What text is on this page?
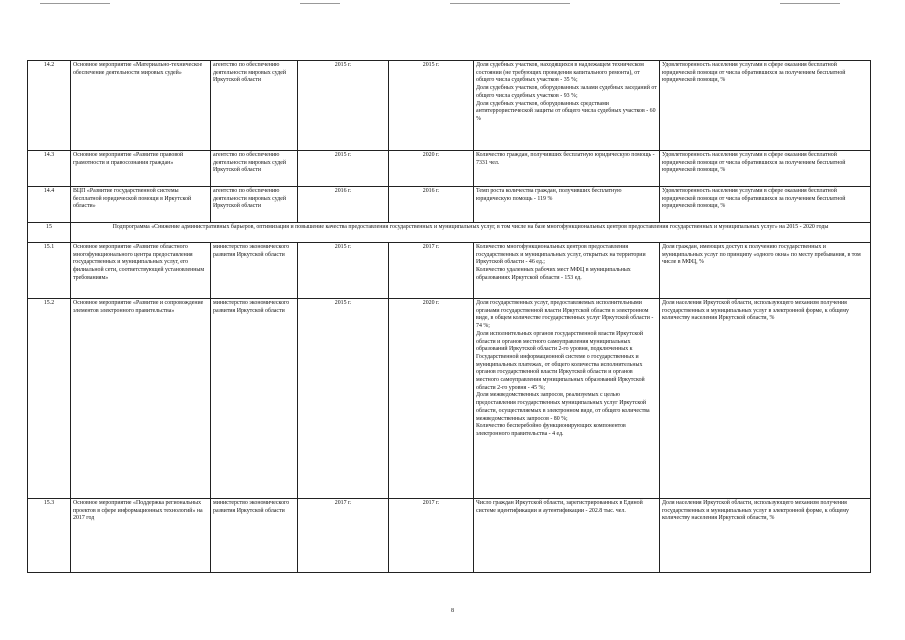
14.2	Основное мероприятие «Материально-техническое обеспечение деятельности мировых судей»	агентство по обеспечению деятельности мировых судей Иркутской области	2015 г.	2015 г.	Доля судебных участков, находящихся в надлежащем техническом состоянии (не требующих проведения капитального ремонта), от общего числа судебных участков - 35 %;
Доля судебных участков, оборудованных залами судебных заседаний от общего числа судебных участков - 93 %;
Доля судебных участков, оборудованных средствами антитеррористической защиты от общего числа судебных участков - 60 %	Удовлетворенность населения услугами в сфере оказания бесплатной юридической помощи от числа обратившихся за получением бесплатной юридической помощи, %
14.3	Основное мероприятие «Развитие правовой грамотности и правосознания граждан»	агентство по обеспечению деятельности мировых судей Иркутской области	2015 г.	2020 г.	Количество граждан, получивших бесплатную юридическую помощь - 7331 чел.	Удовлетворенность населения услугами в сфере оказания бесплатной юридической помощи от числа обратившихся за получением бесплатной юридической помощи, %
14.4	ВЦП «Развитие государственной системы бесплатной юридической помощи в Иркутской области»	агентство по обеспечению деятельности мировых судей Иркутской области	2016 г.	2016 г.	Темп роста количества граждан, получивших бесплатную юридическую помощь - 119 %	Удовлетворенность населения услугами в сфере оказания бесплатной юридической помощи от числа обратившихся за получением бесплатной юридической помощи, %
15	Подпрограмма «Снижение административных барьеров, оптимизация и повышение качества предоставления государственных и муниципальных услуг, в том числе на базе многофункциональных центров предоставления государственных и муниципальных услуг» на 2015 - 2020 годы					
15.1	Основное мероприятие «Развитие областного многофункционального центра предоставления государственных и муниципальных услуг, его филиальной сети, соответствующей установленным требованиям»	министерство экономического развития Иркутской области	2015 г.	2017 г.	Количество многофункциональных центров предоставления государственных и муниципальных услуг, открытых на территории Иркутской области - 46 ед.;
Количество удаленных рабочих мест МФЦ в муниципальных образованиях Иркутской области - 153 ед.	Доля граждан, имеющих доступ к получению государственных и муниципальных услуг по принципу «одного окна» по месту пребывания, в том числе в МФЦ, %
15.2	Основное мероприятие «Развитие и сопровождение элементов электронного правительства»	министерство экономического развития Иркутской области	2015 г.	2020 г.	Доля государственных услуг, предоставляемых исполнительными органами государственной власти Иркутской области в электронном виде, в общем количестве государственных услуг Иркутской области - 74 %;
Доля исполнительных органов государственной власти Иркутской области и органов местного самоуправления муниципальных образований Иркутской области 2-го уровня, подключенных к Государственной информационной системе о государственных и муниципальных платежах, от общего количества исполнительных органов государственной власти Иркутской области и органов местного самоуправления муниципальных образований Иркутской области 2-го уровня - 45 %;
Доля межведомственных запросов, реализуемых с целью предоставления государственных муниципальных услуг Иркутской области, осуществляемых в электронном виде, от общего количества межведомственных запросов - 80 %;
Количество бесперебойно функционирующих компонентов электронного правительства - 4 ед.	Доля населения Иркутской области, использующего механизм получения государственных и муниципальных услуг в электронной форме, к общему количеству населения Иркутской области, %
15.3	Основное мероприятие «Поддержка региональных проектов в сфере информационных технологий» на 2017 год	министерство экономического развития Иркутской области	2017 г.	2017 г.	Число граждан Иркутской области, зарегистрированных в Единой системе идентификации и аутентификации - 202.8 тыс. чел.	Доля населения Иркутской области, использующего механизм получения государственных и муниципальных услуг в электронной форме, к общему количеству населения Иркутской области, %
8
